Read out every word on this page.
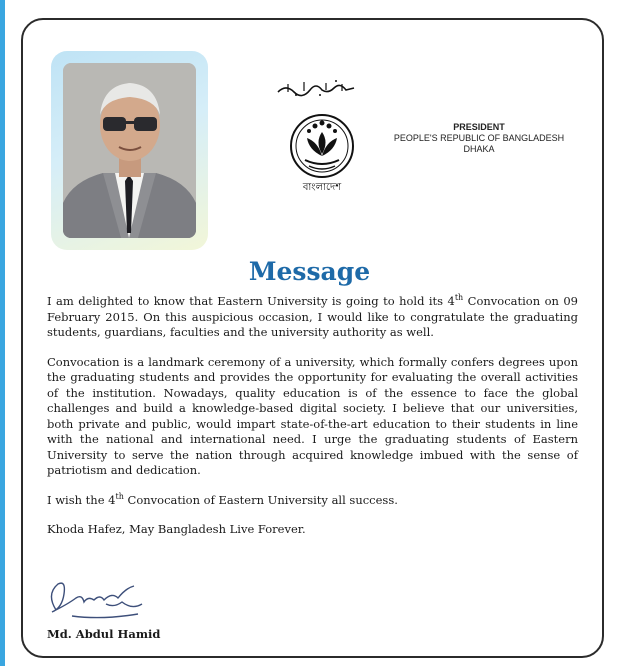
বাংলাদেশ
PRESIDENT
PEOPLE'S REPUBLIC OF BANGLADESH
DHAKA
Message

I am delighted to know that Eastern University is going to hold its 4th Convocation on 09 February 2015. On this auspicious occasion, I would like to congratulate the graduating students, guardians, faculties and the university authority as well.

Convocation is a landmark ceremony of a university, which formally confers degrees upon the graduating students and provides the opportunity for evaluating the overall activities of the institution. Nowadays, quality education is of the essence to face the global challenges and build a knowledge-based digital society. I believe that our universities, both private and public, would impart state-of-the-art education to their students in line with the national and international need. I urge the graduating students of Eastern University to serve the nation through acquired knowledge imbued with the sense of patriotism and dedication.

I wish the 4th Convocation of Eastern University all success.

Khoda Hafez, May Bangladesh Live Forever.

Md. Abdul Hamid
